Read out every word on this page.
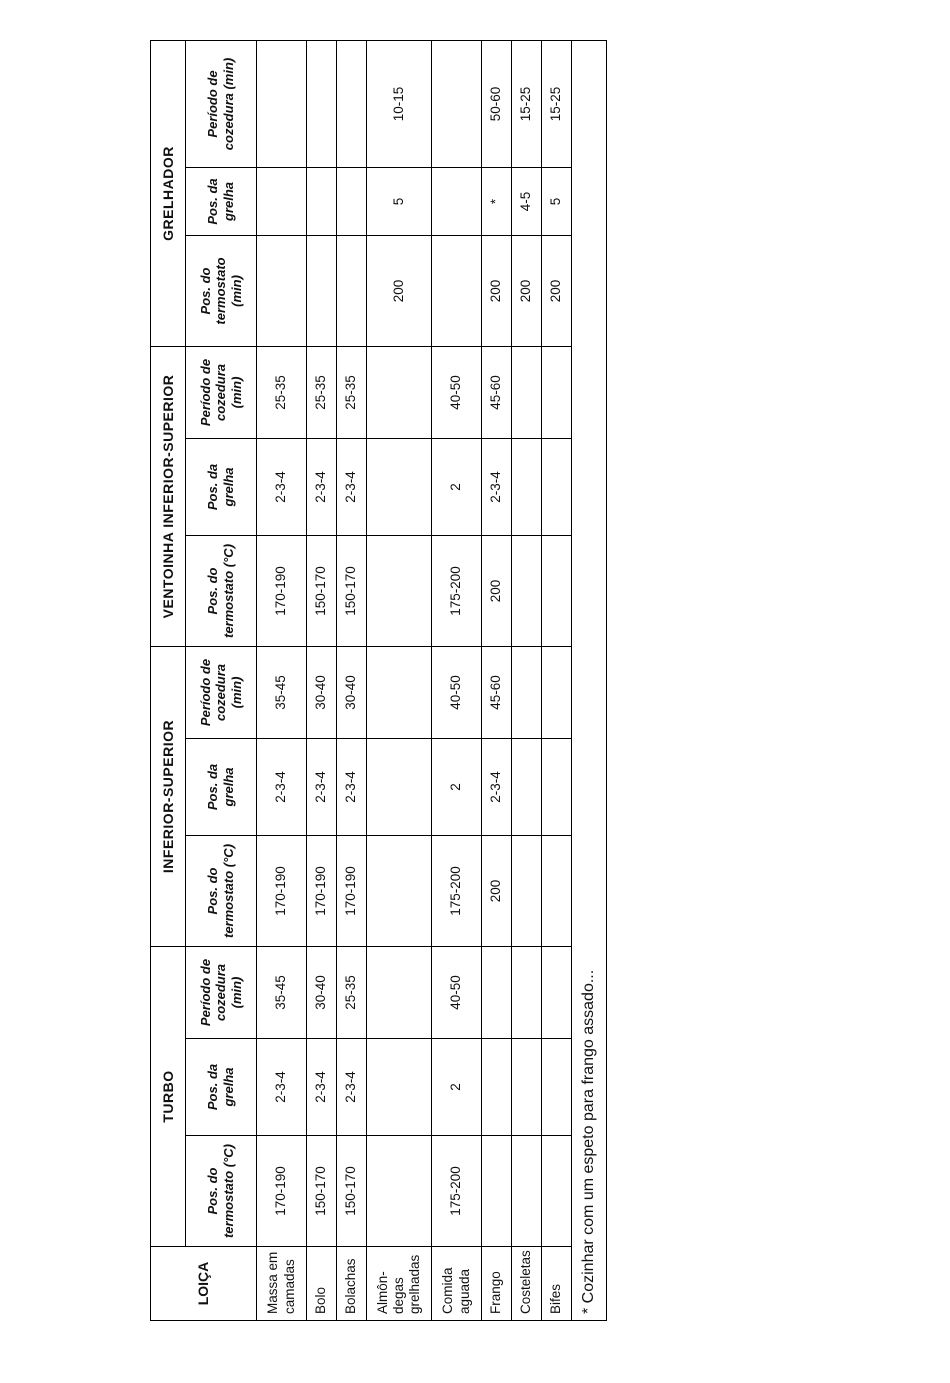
LOIÇA	TURBO			INFERIOR-SUPERIOR			VENTOINHA INFERIOR-SUPERIOR			GRELHADOR		
	Pos. do termostato (°C)	Pos. da grelha	Período de cozedura (min)	Pos. do termostato (°C)	Pos. da grelha	Período de cozedura (min)	Pos. do termostato (°C)	Pos. da grelha	Período de cozedura (min)	Pos. do termostato (min)	Pos. da grelha	Período de cozedura (min)
Massa em camadas	170-190	2-3-4	35-45	170-190	2-3-4	35-45	170-190	2-3-4	25-35			
Bolo	150-170	2-3-4	30-40	170-190	2-3-4	30-40	150-170	2-3-4	25-35			
Bolachas	150-170	2-3-4	25-35	170-190	2-3-4	30-40	150-170	2-3-4	25-35			
Almôn-degas grelhadas										200	5	10-15
Comida aguada	175-200	2	40-50	175-200	2	40-50	175-200	2	40-50			
Frango				200	2-3-4	45-60	200	2-3-4	45-60	200	*	50-60
Costeletas										200	4-5	15-25
Bifes										200	5	15-25
* Cozinhar com um espeto para frango assado...												
